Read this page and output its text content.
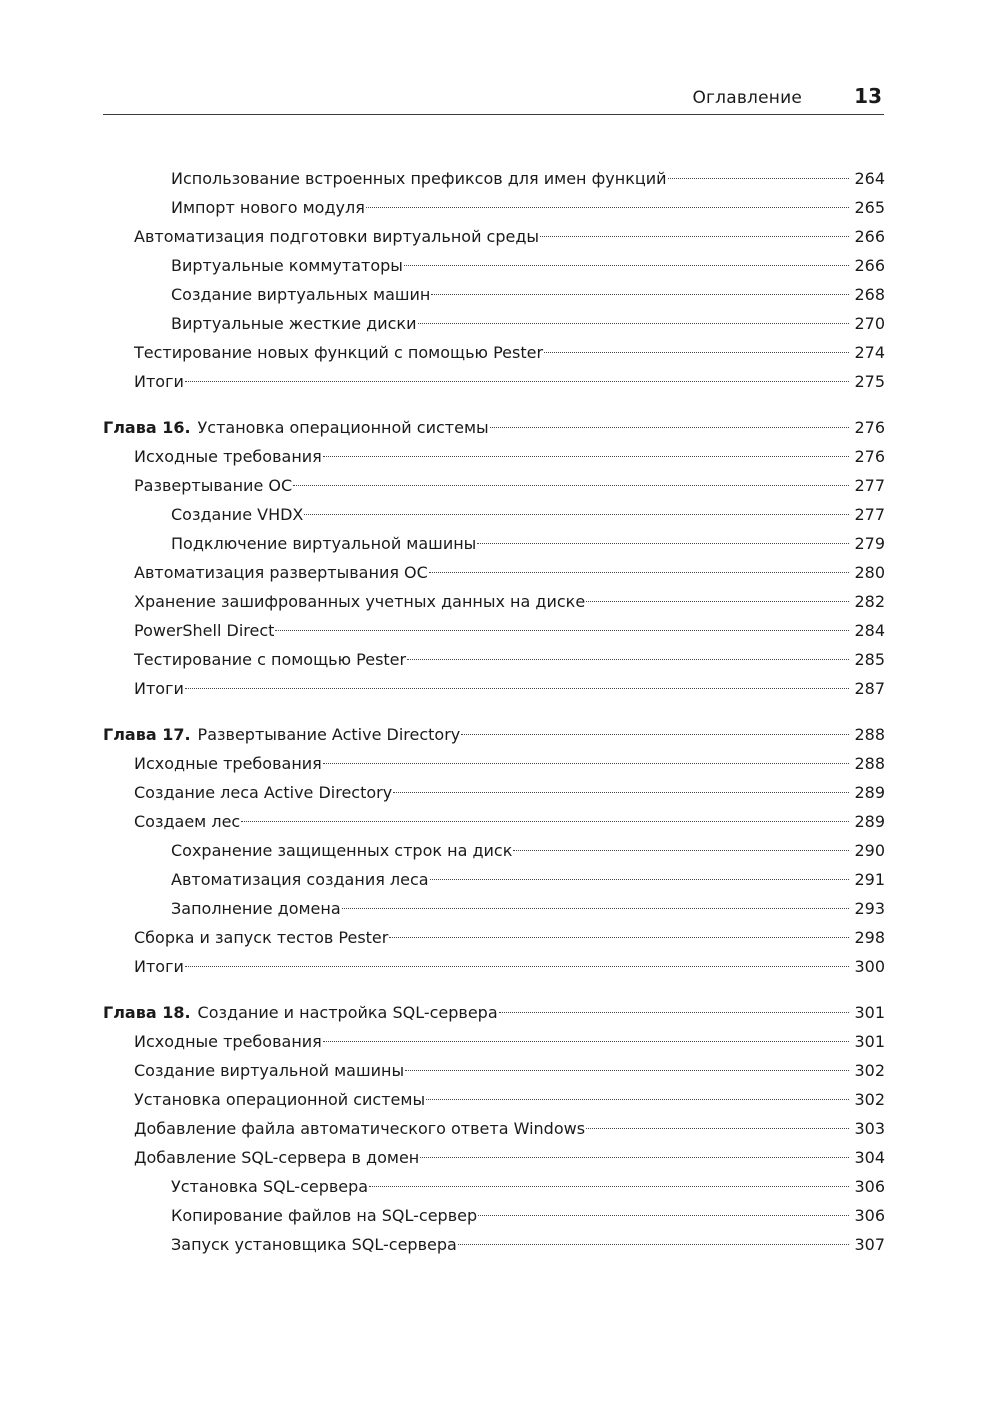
Оглавление	13
Использование встроенных префиксов для имен функций	264
Импорт нового модуля	265
Автоматизация подготовки виртуальной среды	266
Виртуальные коммутаторы	266
Создание виртуальных машин	268
Виртуальные жесткие диски	270
Тестирование новых функций с помощью Pester	274
Итоги	275
Глава 16. Установка операционной системы	276
Исходные требования	276
Развертывание ОС	277
Создание VHDX	277
Подключение виртуальной машины	279
Автоматизация развертывания ОС	280
Хранение зашифрованных учетных данных на диске	282
PowerShell Direct	284
Тестирование с помощью Pester	285
Итоги	287
Глава 17. Развертывание Active Directory	288
Исходные требования	288
Создание леса Active Directory	289
Создаем лес	289
Сохранение защищенных строк на диск	290
Автоматизация создания леса	291
Заполнение домена	293
Сборка и запуск тестов Pester	298
Итоги	300
Глава 18. Создание и настройка SQL-сервера	301
Исходные требования	301
Создание виртуальной машины	302
Установка операционной системы	302
Добавление файла автоматического ответа Windows	303
Добавление SQL-сервера в домен	304
Установка SQL-сервера	306
Копирование файлов на SQL-сервер	306
Запуск установщика SQL-сервера	307
